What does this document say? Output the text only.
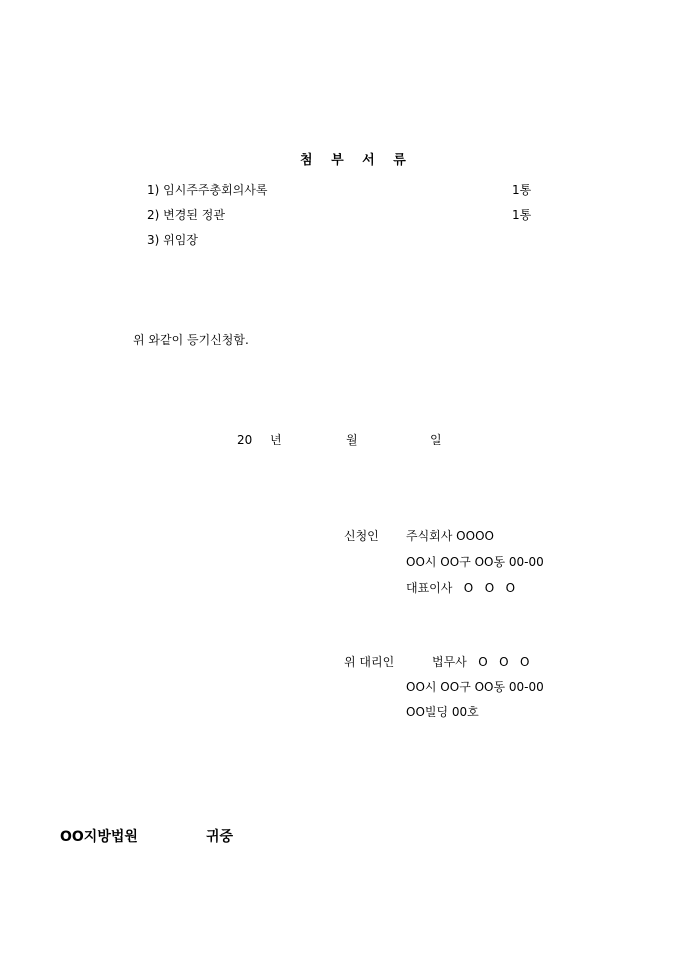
첨 부 서 류
1) 임시주주총회의사록	1통
2) 변경된 정관	1통
3) 위임장
위 와같이 등기신청함.
20 년	월	일
신청인 주식회사 OOOO
OO시 OO구 OO동 00-00
대표이사   O   O   O
위 대리인	법무사   O   O   O
OO시 OO구 OO동 00-00
OO빌딩 00호
OO지방법원	귀중
